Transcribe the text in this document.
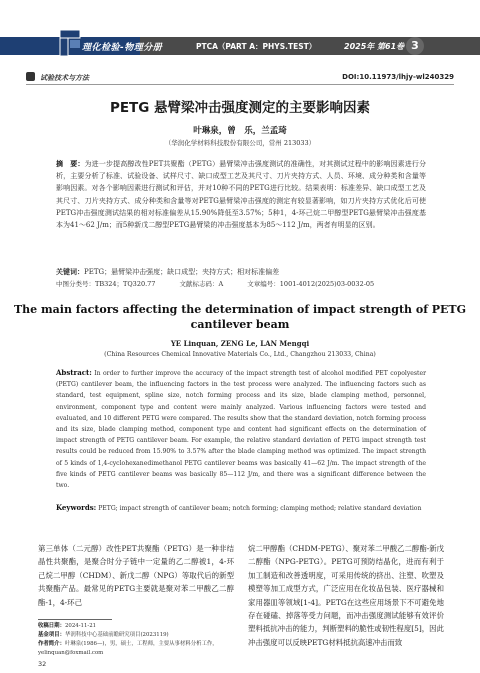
理化检验-物理分册	PTCA（PART A：PHYS.TEST）	2025年 第61卷 3
试验技术与方法	DOI:10.11973/lhjy-wl240329
PETG 悬臂梁冲击强度测定的主要影响因素
叶琳泉，曾　乐，兰孟琦
（华润化学材料科技股份有限公司，常州 213033）
摘　要：为进一步提高醇改性PET共聚酯（PETG）悬臂梁冲击强度测试的准确性，对其测试过程中的影响因素进行分析，主要分析了标准、试验设备、试样尺寸、缺口成型工艺及其尺寸、刀片夹持方式、人员、环境、成分种类和含量等影响因素。对各个影响因素进行测试和评估，并对10种不同的PETG进行比较。结果表明：标准差异、缺口成型工艺及其尺寸、刀片夹持方式、成分种类和含量等对PETG悬臂梁冲击强度的测定有较显著影响，如刀片夹持方式优化后可使PETG冲击强度测试结果的相对标准偏差从15.90%降低至3.57%；5种1，4-环己烷二甲醇型PETG悬臂梁冲击强度基本为41～62 J/m；而5种新戊二醇型PETG悬臂梁的冲击强度基本为85～112 J/m，两者有明显的区别。
关键词：PETG；悬臂梁冲击强度；缺口成型；夹持方式；相对标准偏差
中图分类号：TB324；TQ320.77	文献标志码：A	文章编号：1001-4012(2025)03-0032-05
The main factors affecting the determination of impact strength of PETG cantilever beam
YE Linquan, ZENG Le, LAN Mengqi
(China Resources Chemical Innovative Materials Co., Ltd., Changzhou 213033, China)
Abstract: In order to further improve the accuracy of the impact strength test of alcohol modified PET copolyester (PETG) cantilever beam, the influencing factors in the test process were analyzed. The influencing factors such as standard, test equipment, spline size, notch forming process and its size, blade clamping method, personnel, environment, component type and content were mainly analyzed. Various influencing factors were tested and evaluated, and 10 different PETG were compared. The results show that the standard deviation, notch forming process and its size, blade clamping method, component type and content had significant effects on the determination of impact strength of PETG cantilever beam. For example, the relative standard deviation of PETG impact strength test results could be reduced from 15.90% to 3.57% after the blade clamping method was optimized. The impact strength of 5 kinds of 1,4-cyclohexanedimethanol PETG cantilever beams was basically 41—62 J/m. The impact strength of the five kinds of PETG cantilever beams was basically 85—112 J/m, and there was a significant difference between the two.
Keywords: PETG; impact strength of cantilever beam; notch forming; clamping method; relative standard deviation
第三单体（二元醇）改性PET共聚酯（PETG）是一种非结晶性共聚酯，是聚合时分子链中一定量的乙二醇被1，4-环己烷二甲醇（CHDM）、新戊二醇（NPG）等取代后的新型共聚酯产品。最常见的PETG主要就是聚对苯二甲酸乙二醇酯-1，4-环己
烷二甲醇酯（CHDM-PETG）、聚对苯二甲酸乙二醇酯-新戊二醇酯（NPG-PETG）。PETG可预防结晶化，进而有利于加工制造和改善透明度，可采用传统的挤出、注塑、吹塑及模塑等加工成型方式，广泛应用在化妆品包装、医疗器械和家用器皿等领域[1-4]。PETG在这些应用场景下不可避免地存在碰磕、掉落等受力问题，而冲击强度测试能够有效评价塑料抵抗冲击的能力，判断塑料的脆性或韧性程度[5]，因此冲击强度可以反映PETG材料抵抗高速冲击而致
收稿日期：2024-11-21
基金项目：华润科技中心基础前瞻研究项目(2023119)
作者简介：叶琳泉(1986—)，男，硕士，工程师，主要从事材料分析工作，yelinquan@foxmail.com
32
